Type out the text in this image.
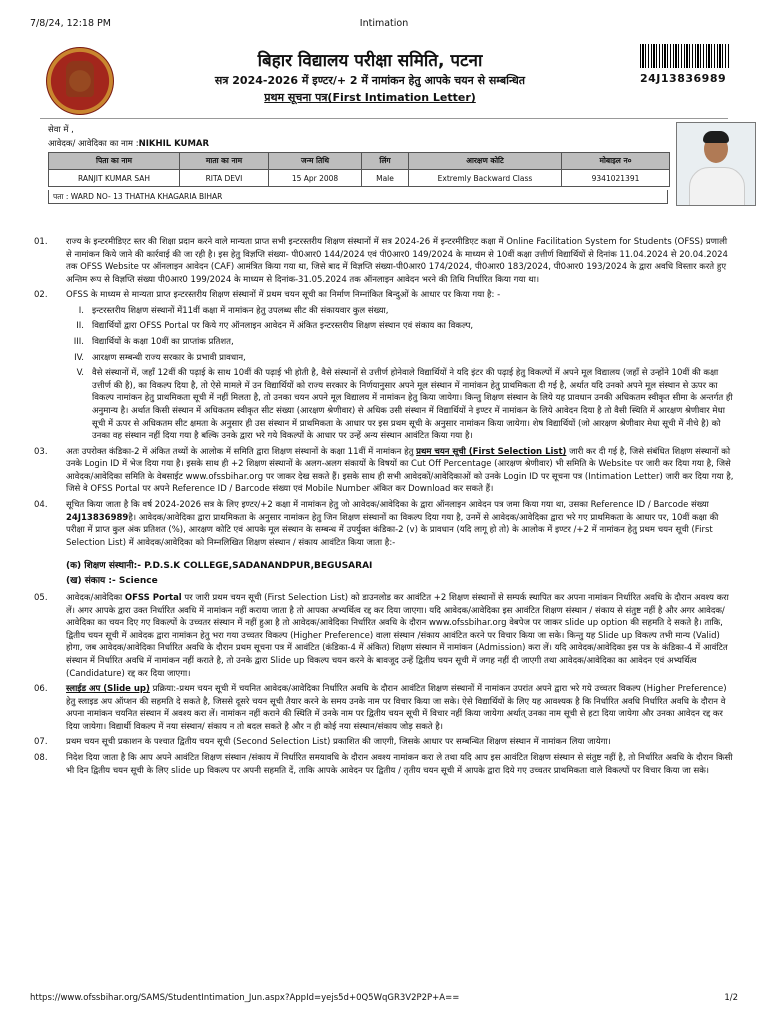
7/8/24, 12:18 PM	Intimation
बिहार विद्यालय परीक्षा समिति, पटना
सत्र 2024-2026 में इण्टर/+ 2 में नामांकन हेतु आपके चयन से सम्बन्धित
प्रथम सूचना पत्र(First Intimation Letter)
24J13836989
सेवा में ,
आवेदक/ आवेदिका का नाम :NIKHIL KUMAR
पिता का नाम	माता का नाम	जन्म तिथि	लिंग	आरक्षण कोटि	मोबाइल न०
RANJIT KUMAR SAH	RITA DEVI	15 Apr 2008	Male	Extremly Backward Class	9341021391
पता : WARD NO- 13 THATHA KHAGARIA BIHAR
01.	राज्य के इन्टरमीडिएट स्तर की शिक्षा प्रदान करने वाले मान्यता प्राप्त सभी इन्टरस्तरीय शिक्षण संस्थानों में सत्र 2024-26 में इन्टरमीडिएट कक्षा में Online Facilitation System for Students (OFSS) प्रणाली से नामांकन किये जाने की कार्रवाई की जा रही है। इस हेतु विज्ञप्ति संख्या- पी0आर0 144/2024 एवं पी0आर0 149/2024 के माध्यम से 10वीं कक्षा उत्तीर्ण विद्यार्थियों से दिनांक 11.04.2024 से 20.04.2024 तक OFSS Website पर ऑनलाइन आवेदन (CAF) आमंत्रित किया गया था, जिसे बाद में विज्ञप्ति संख्या-पी0आर0 174/2024, पी0आर0 183/2024, पी0आर0 193/2024 के द्वारा अवधि विस्तार करते हुए अन्तिम रूप से विज्ञप्ति संख्या पी0आर0 199/2024 के माध्यम से दिनांक-31.05.2024 तक ऑनलाइन आवेदन भरने की तिथि निर्धारित किया गया था।
02.	OFSS के माध्यम से मान्यता प्राप्त इन्टरस्तरीय शिक्षण संस्थानों में प्रथम चयन सूची का निर्माण निम्नांकित बिन्दुओं के आधार पर किया गया है: -
I. इन्टरस्तरीय शिक्षण संस्थानों में11वीं कक्षा में नामांकन हेतु उपलब्ध सीट की संकायवार कुल संख्या,
II. विद्यार्थियों द्वारा OFSS Portal पर किये गए ऑनलाइन आवेदन में अंकित इन्टरस्तरीय शिक्षण संस्थान एवं संकाय का विकल्प,
III. विद्यार्थियों के कक्षा 10वीं का प्राप्तांक प्रतिशत,
IV. आरक्षण सम्बन्धी राज्य सरकार के प्रभावी प्रावधान,
V. वैसे संस्थानों में, जहाँ 12वीं की पढ़ाई के साथ 10वीं की पढ़ाई भी होती है, वैसे संस्थानों से उत्तीर्ण होनेवाले विद्यार्थियों ने यदि इंटर की पढ़ाई हेतु विकल्पों में अपने मूल विद्यालय (जहाँ से उन्होंने 10वीं की कक्षा उत्तीर्ण की है), का विकल्प दिया है, तो ऐसे मामले में उन विद्यार्थियों को राज्य सरकार के निर्णयानुसार अपने मूल संस्थान में नामांकन हेतु प्राथमिकता दी गई है, अर्थात यदि उनको अपने मूल संस्थान से ऊपर का विकल्प नामांकन हेतु प्राथमिकता सूची में नहीं मिलता है, तो उनका चयन अपने मूल विद्यालय में नामांकन हेतु किया जायेगा। किन्तु शिक्षण संस्थान के लिये यह प्रावधान उनकी अधिकतम स्वीकृत सीमा के अन्तर्गत ही अनुमान्य है। अर्थात किसी संस्थान में अधिकतम स्वीकृत सीट संख्या (आरक्षण श्रेणीवार) से अधिक उसी संस्थान में विद्यार्थियों ने इण्टर में नामांकन के लिये आवेदन दिया है तो वैसी स्थिति में आरक्षण श्रेणीवार मेधा सूची में ऊपर से अधिकतम सीट क्षमता के अनुसार ही उस संस्थान में प्राथमिकता के आधार पर इस प्रथम सूची के अनुसार नामांकन किया जायेगा। शेष विद्यार्थियों (जो आरक्षण श्रेणीवार मेधा सूची में नीचे है) को उनका वह संस्थान नहीं दिया गया है बल्कि उनके द्वारा भरे गये विकल्पों के आधार पर उन्हें अन्य संस्थान आवंटित किया गया है।
03.	अतः उपरोक्त कंडिका-2 में अंकित तथ्यों के आलोक में समिति द्वारा शिक्षण संस्थानों के कक्षा 11वीं में नामांकन हेतु प्रथम चयन सूची (First Selection List) जारी कर दी गई है, जिसे संबंधित शिक्षण संस्थानों को उनके Login ID में भेज दिया गया है। इसके साथ ही +2 शिक्षण संस्थानों के अलग-अलग संकायों के विषयों का Cut Off Percentage (आरक्षण श्रेणीवार) भी समिति के Website पर जारी कर दिया गया है, जिसे आवेदक/आवेदिका समिति के वेबसाईट www.ofssbihar.org पर जाकर देख सकते हैं। इसके साथ ही सभी आवेदकों/आवेदिकाओं को उनके Login ID पर सूचना पत्र (Intimation Letter) जारी कर दिया गया है, जिसे वे OFSS Portal पर अपने Reference ID / Barcode संख्या एवं Mobile Number अंकित कर Download कर सकते हैं।
04.	सूचित किया जाता है कि वर्ष 2024-2026 सत्र के लिए इण्टर/+2 कक्षा में नामांकन हेतु जो आवेदक/आवेदिका के द्वारा ऑनलाइन आवेदन पत्र जमा किया गया था, उसका Reference ID / Barcode संख्या 24J13836989है। आवेदक/आवेदिका द्वारा प्राथमिकता के अनुसार नामांकन हेतु जिन शिक्षण संस्थानों का विकल्प दिया गया है, उनमें से आवेदक/आवेदिका द्वारा भरे गए प्राथमिकता के आधार पर, 10वीं कक्षा की परीक्षा में प्राप्त कुल अंक प्रतिशत (%), आरक्षण कोटि एवं आपके मूल संस्थान के सम्बन्ध में उपर्युक्त कंडिका-2 (v) के प्रावधान (यदि लागू हो तो) के आलोक में इण्टर /+2 में नामांकन हेतु प्रथम चयन सूची (First Selection List) में आवेदक/आवेदिका को निम्नलिखित शिक्षण संस्थान / संकाय आवंटित किया जाता है:-
(क) शिक्षण संस्थानी:- P.D.S.K COLLEGE,SADANANDPUR,BEGUSARAI
(ख) संकाय :- Science
05.	आवेदक/आवेदिका OFSS Portal पर जारी प्रथम चयन सूची (First Selection List) को डाउनलोड कर आवंटित +2 शिक्षण संस्थानों से सम्पर्क स्थापित कर अपना नामांकन निर्धारित अवधि के दौरान अवश्य करा लें। अगर आपके द्वारा उक्त निर्धारित अवधि में नामांकन नहीं कराया जाता है तो आपका अभ्यर्थित्व रद्द कर दिया जाएगा। यदि आवेदक/आवेदिका इस आवंटित शिक्षण संस्थान / संकाय से संतुष्ट नहीं है और अगर आवेदक/आवेदिका का चयन दिए गए विकल्पों के उच्चतर संस्थान में नहीं हुआ है तो आवेदक/आवेदिका निर्धारित अवधि के दौरान www.ofssbihar.org वेबपेज पर जाकर slide up option की सहमति दे सकते है। ताकि, द्वितीय चयन सूची में आवेदक द्वारा नामांकन हेतु भरा गया उच्चतर विकल्प (Higher Preference) वाला संस्थान /संकाय आवंटित करने पर विचार किया जा सके। किन्तु यह Slide up विकल्प तभी मान्य (Valid) होगा, जब आवेदक/आवेदिका निर्धारित अवधि के दौरान प्रथम सूचना पत्र में आवंटित (कंडिका-4 में अंकित) शिक्षण संस्थान में नामांकन (Admission) करा लें। यदि आवेदक/आवेदिका इस पत्र के कंडिका-4 में आवंटित संस्थान में निर्धारित अवधि में नामांकन नहीं कराते है, तो उनके द्वारा Slide up विकल्प चयन करने के बावजूद उन्हें द्वितीय चयन सूची में जगह नहीं दी जाएगी तथा आवेदक/आवेदिका का आवेदन एवं अभ्यर्थित्व (Candidature) रद्द कर दिया जाएगा।
06.	स्लाईड अप (Slide up) प्रक्रिया:-प्रथम चयन सूची में चयनित आवेदक/आवेदिका निर्धारित अवधि के दौरान आवंटित शिक्षण संस्थानों में नामांकन उपरांत अपने द्वारा भरे गये उच्चतर विकल्प (Higher Preference) हेतु स्लाइड अप ऑप्शन की सहमति दे सकते है, जिससे दूसरे चयन सूची तैयार करने के समय उनके नाम पर विचार किया जा सके। ऐसे विद्यार्थियों के लिए यह आवश्यक है कि निर्धारित अवधि निर्धारित अवधि के दौरान वे अपना नामांकन चयनित संस्थान में अवश्य करा लें। नामांकन नहीं कराने की स्थिति में उनके नाम पर द्वितीय चयन सूची में विचार नहीं किया जायेगा अर्थात् उनका नाम सूची से हटा दिया जायेगा और उनका आवेदन रद्द कर दिया जायेगा। विद्यार्थी विकल्प में नया संस्थान/ संकाय न तो बदल सकते है और न ही कोई नया संस्थान/संकाय जोड़ सकते है।
07.	प्रथम चयन सूची प्रकाशन के पश्चात द्वितीय चयन सूची (Second Selection List) प्रकाशित की जाएगी, जिसके आधार पर सम्बन्धित शिक्षण संस्थान में नामांकन लिया जायेगा।
08.	निदेश दिया जाता है कि आप अपने आवंटित शिक्षण संस्थान /संकाय में निर्धारित समयावधि के दौरान अवश्य नामांकन करा ले तथा यदि आप इस आवंटित शिक्षण संस्थान से संतुष्ट नहीं है, तो निर्धारित अवधि के दौरान किसी भी दिन द्वितीय चयन सूची के लिए slide up विकल्प पर अपनी सहमति दें, ताकि आपके आवेदन पर द्वितीय / तृतीय चयन सूची में आपके द्वारा दिये गए उच्चतर प्राथमिकता वाले विकल्पों पर विचार किया जा सके।
https://www.ofssbihar.org/SAMS/StudentIntimation_Jun.aspx?AppId=yejs5d+0Q5WqGR3V2P2P+A==	1/2
